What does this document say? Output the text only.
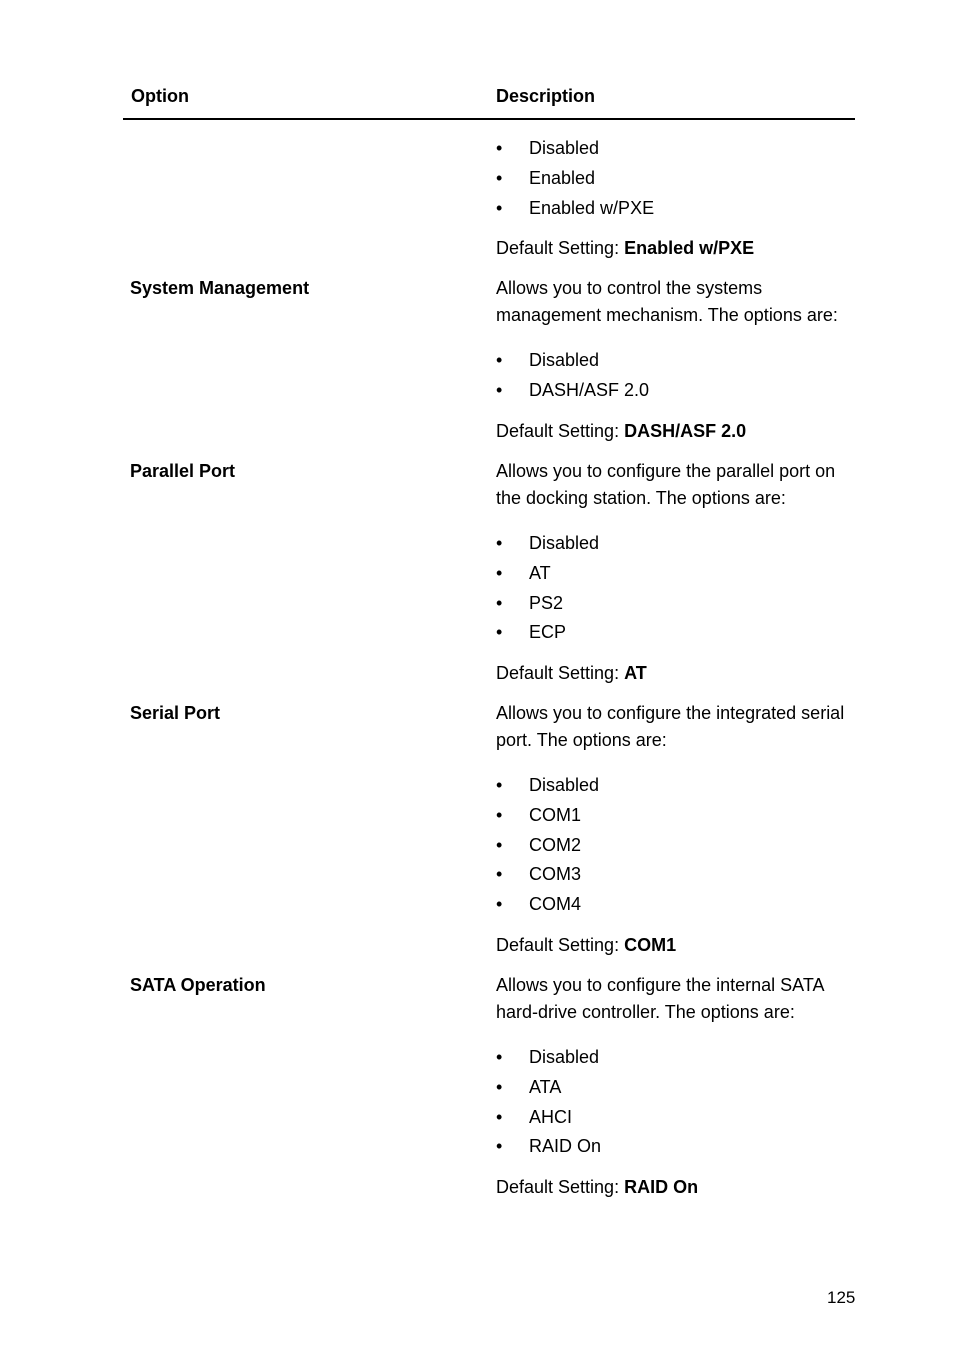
Option	Description
• Disabled
• Enabled
• Enabled w/PXE
Default Setting: Enabled w/PXE
System Management	Allows you to control the systems management mechanism. The options are:
• Disabled
• DASH/ASF 2.0
Default Setting: DASH/ASF 2.0
Parallel Port	Allows you to configure the parallel port on the docking station. The options are:
• Disabled
• AT
• PS2
• ECP
Default Setting: AT
Serial Port	Allows you to configure the integrated serial port. The options are:
• Disabled
• COM1
• COM2
• COM3
• COM4
Default Setting: COM1
SATA Operation	Allows you to configure the internal SATA hard-drive controller. The options are:
• Disabled
• ATA
• AHCI
• RAID On
Default Setting: RAID On
125
